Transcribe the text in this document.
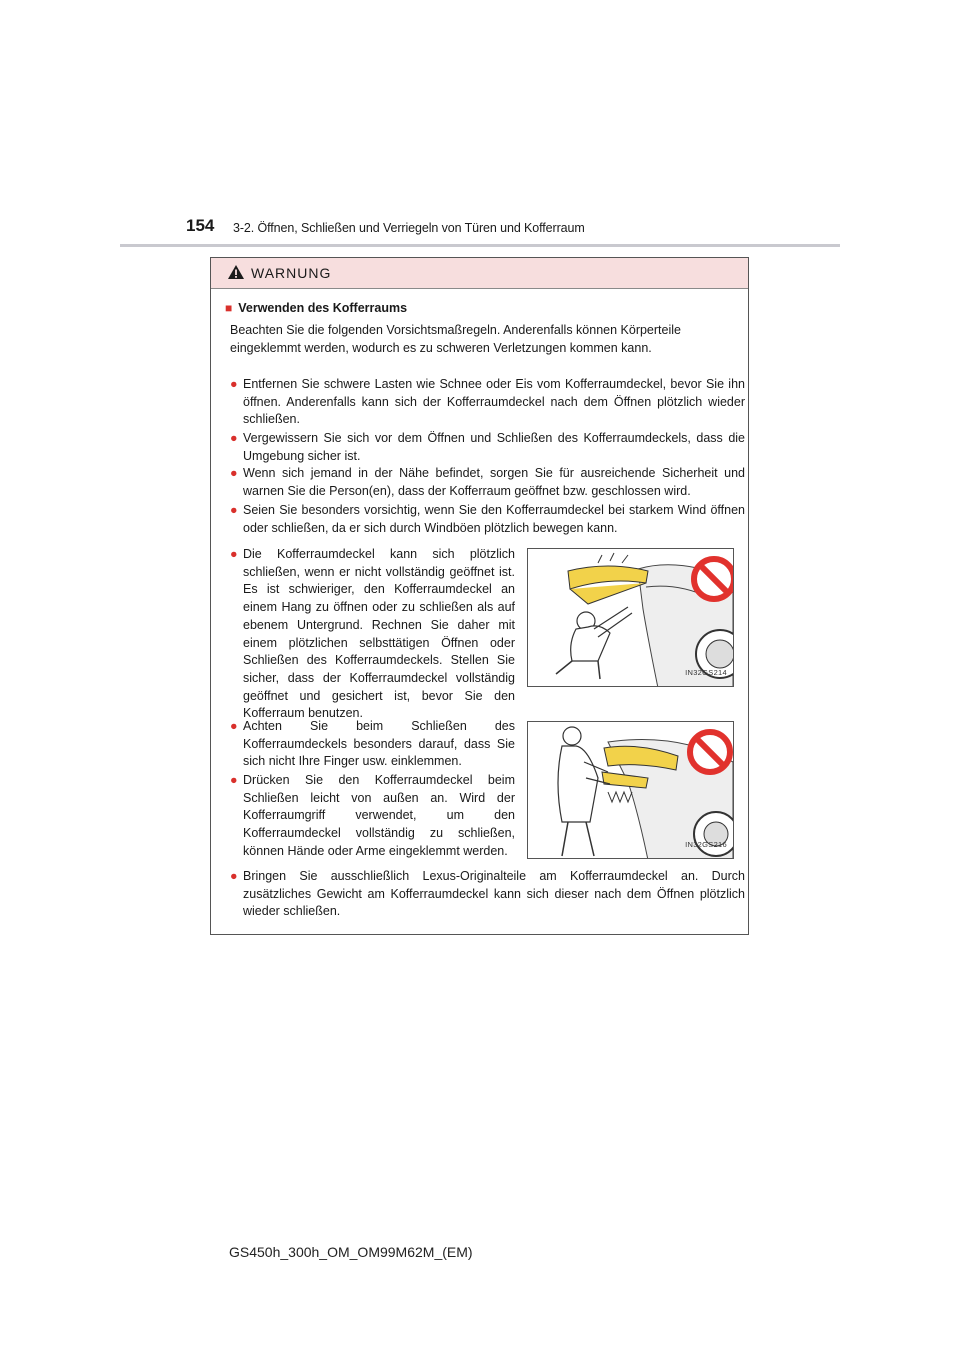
154 3-2. Öffnen, Schließen und Verriegeln von Türen und Kofferraum
WARNUNG
■ Verwenden des Kofferraums
Beachten Sie die folgenden Vorsichtsmaßregeln. Anderenfalls können Körperteile eingeklemmt werden, wodurch es zu schweren Verletzungen kommen kann.
● Entfernen Sie schwere Lasten wie Schnee oder Eis vom Kofferraumdeckel, bevor Sie ihn öffnen. Anderenfalls kann sich der Kofferraumdeckel nach dem Öffnen plötzlich wieder schließen.
● Vergewissern Sie sich vor dem Öffnen und Schließen des Kofferraumdeckels, dass die Umgebung sicher ist.
● Wenn sich jemand in der Nähe befindet, sorgen Sie für ausreichende Sicherheit und warnen Sie die Person(en), dass der Kofferraum geöffnet bzw. geschlossen wird.
● Seien Sie besonders vorsichtig, wenn Sie den Kofferraumdeckel bei starkem Wind öffnen oder schließen, da er sich durch Windböen plötzlich bewegen kann.
● Die Kofferraumdeckel kann sich plötzlich schließen, wenn er nicht vollständig geöffnet ist. Es ist schwieriger, den Kofferraumdeckel an einem Hang zu öffnen oder zu schließen als auf ebenem Untergrund. Rechnen Sie daher mit einem plötzlichen selbsttätigen Öffnen oder Schließen des Kofferraumdeckels. Stellen Sie sicher, dass der Kofferraumdeckel vollständig geöffnet und gesichert ist, bevor Sie den Kofferraum benutzen.
IN32GS214
● Achten Sie beim Schließen des Kofferraumdeckels besonders darauf, dass Sie sich nicht Ihre Finger usw. einklemmen.
● Drücken Sie den Kofferraumdeckel beim Schließen leicht von außen an. Wird der Kofferraumgriff verwendet, um den Kofferraumdeckel vollständig zu schließen, können Hände oder Arme eingeklemmt werden.	IN32GS216
● Bringen Sie ausschließlich Lexus-Originalteile am Kofferraumdeckel an. Durch zusätzliches Gewicht am Kofferraumdeckel kann sich dieser nach dem Öffnen plötzlich wieder schließen.
GS450h_300h_OM_OM99M62M_(EM)
